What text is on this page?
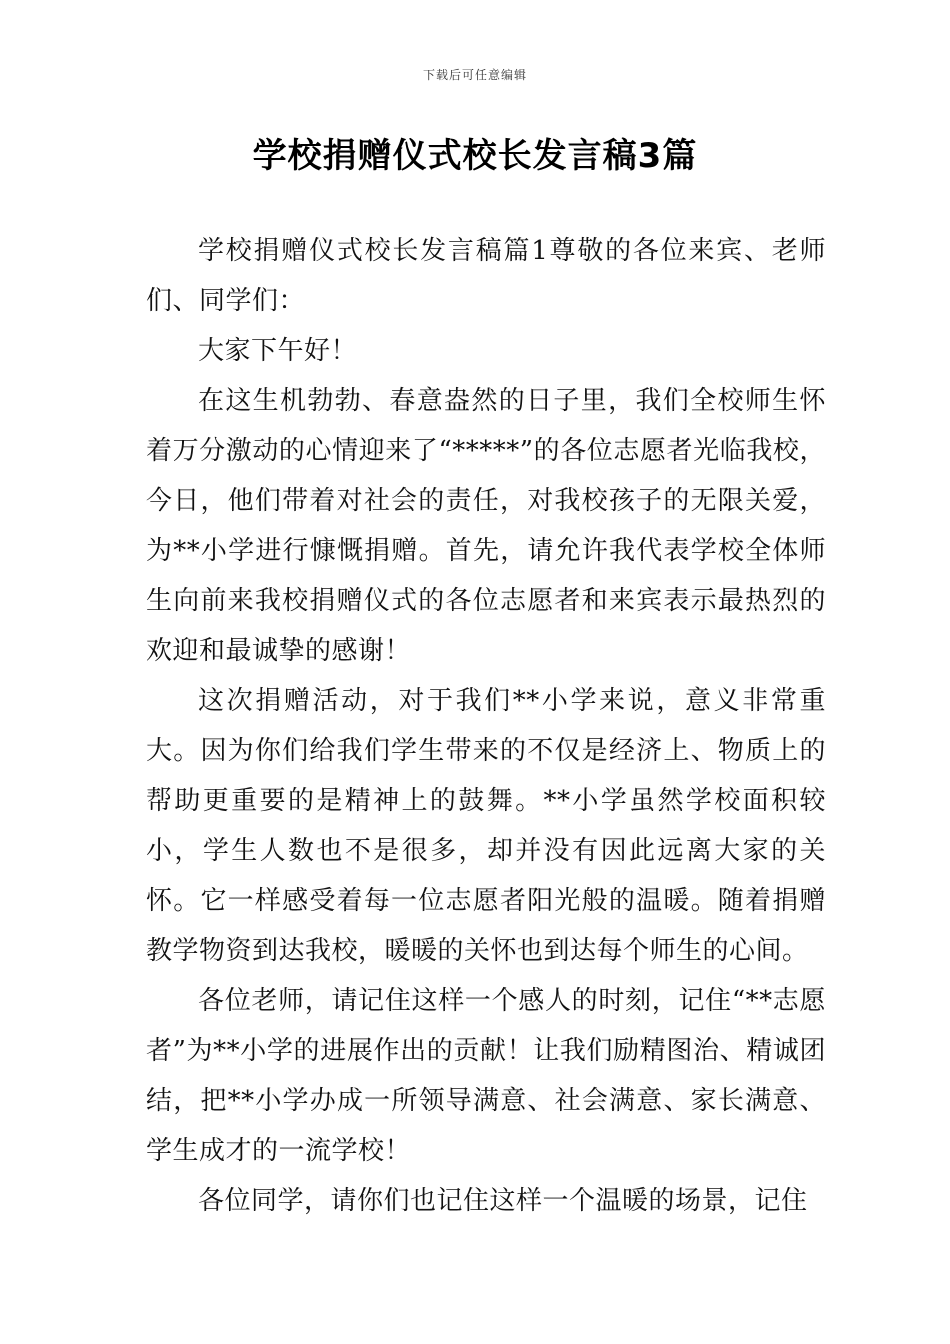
下载后可任意编辑
学校捐赠仪式校长发言稿3篇

学校捐赠仪式校长发言稿篇1尊敬的各位来宾、老师们、同学们：

大家下午好！

在这生机勃勃、春意盎然的日子里，我们全校师生怀着万分激动的心情迎来了“*****”的各位志愿者光临我校，今日，他们带着对社会的责任，对我校孩子的无限关爱，为**小学进行慷慨捐赠。首先，请允许我代表学校全体师生向前来我校捐赠仪式的各位志愿者和来宾表示最热烈的欢迎和最诚挚的感谢！

这次捐赠活动，对于我们**小学来说，意义非常重大。因为你们给我们学生带来的不仅是经济上、物质上的帮助更重要的是精神上的鼓舞。**小学虽然学校面积较小，学生人数也不是很多，却并没有因此远离大家的关怀。它一样感受着每一位志愿者阳光般的温暖。随着捐赠教学物资到达我校，暖暖的关怀也到达每个师生的心间。

各位老师，请记住这样一个感人的时刻，记住“**志愿者”为**小学的进展作出的贡献！让我们励精图治、精诚团结，把**小学办成一所领导满意、社会满意、家长满意、学生成才的一流学校！

各位同学，请你们也记住这样一个温暖的场景，记住
